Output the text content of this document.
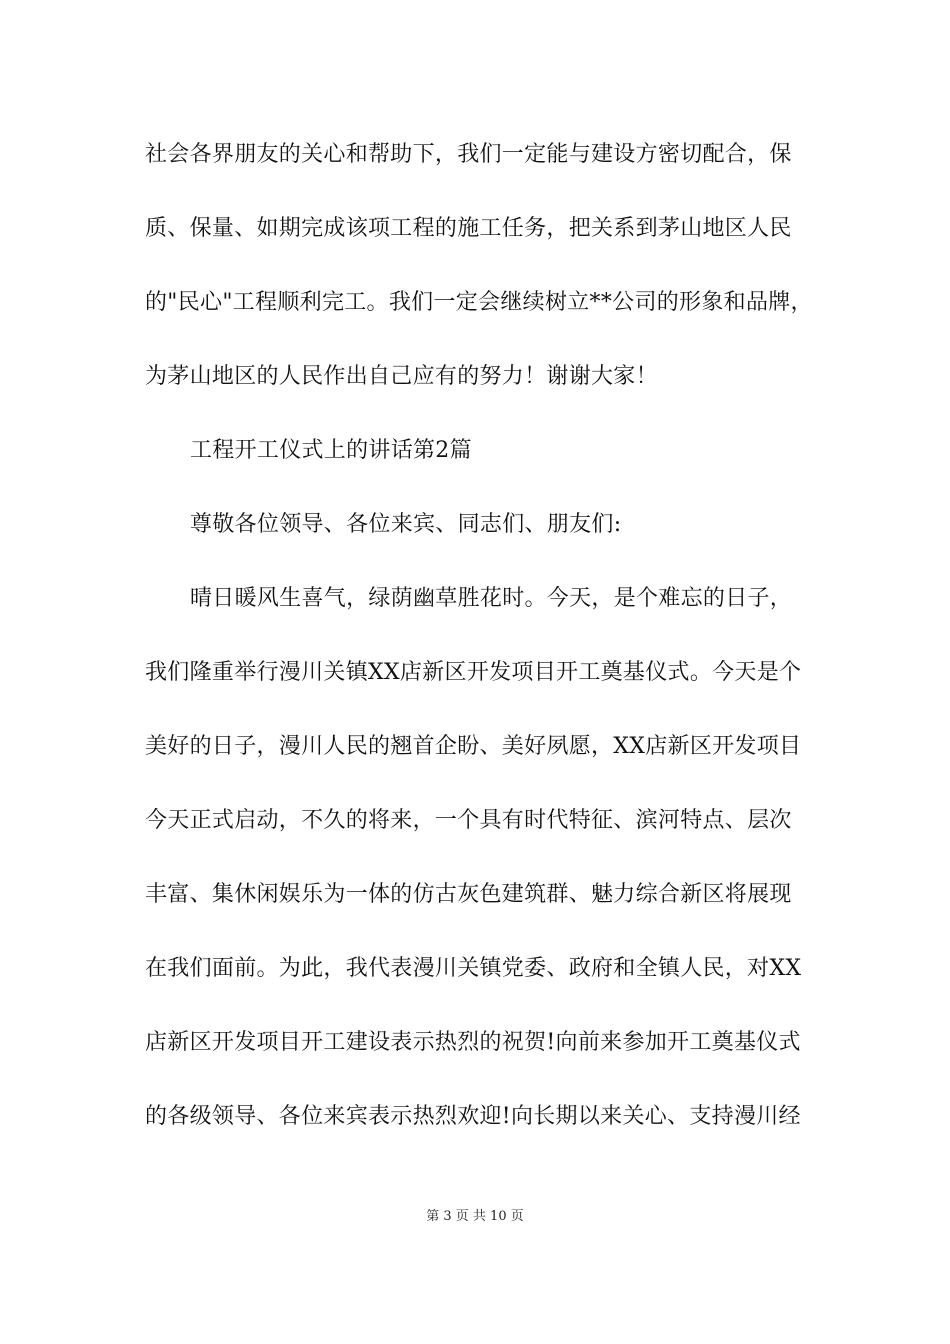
社会各界朋友的关心和帮助下，我们一定能与建设方密切配合，保
质、保量、如期完成该项工程的施工任务，把关系到茅山地区人民
的"民心"工程顺利完工。我们一定会继续树立**公司的形象和品牌，
为茅山地区的人民作出自己应有的努力！谢谢大家！
工程开工仪式上的讲话第2篇
尊敬各位领导、各位来宾、同志们、朋友们:
晴日暖风生喜气，绿荫幽草胜花时。今天，是个难忘的日子，
我们隆重举行漫川关镇XX店新区开发项目开工奠基仪式。今天是个
美好的日子，漫川人民的翘首企盼、美好夙愿，XX店新区开发项目
今天正式启动，不久的将来，一个具有时代特征、滨河特点、层次
丰富、集休闲娱乐为一体的仿古灰色建筑群、魅力综合新区将展现
在我们面前。为此，我代表漫川关镇党委、政府和全镇人民，对XX
店新区开发项目开工建设表示热烈的祝贺!向前来参加开工奠基仪式
的各级领导、各位来宾表示热烈欢迎!向长期以来关心、支持漫川经
第 3 页 共 10 页
